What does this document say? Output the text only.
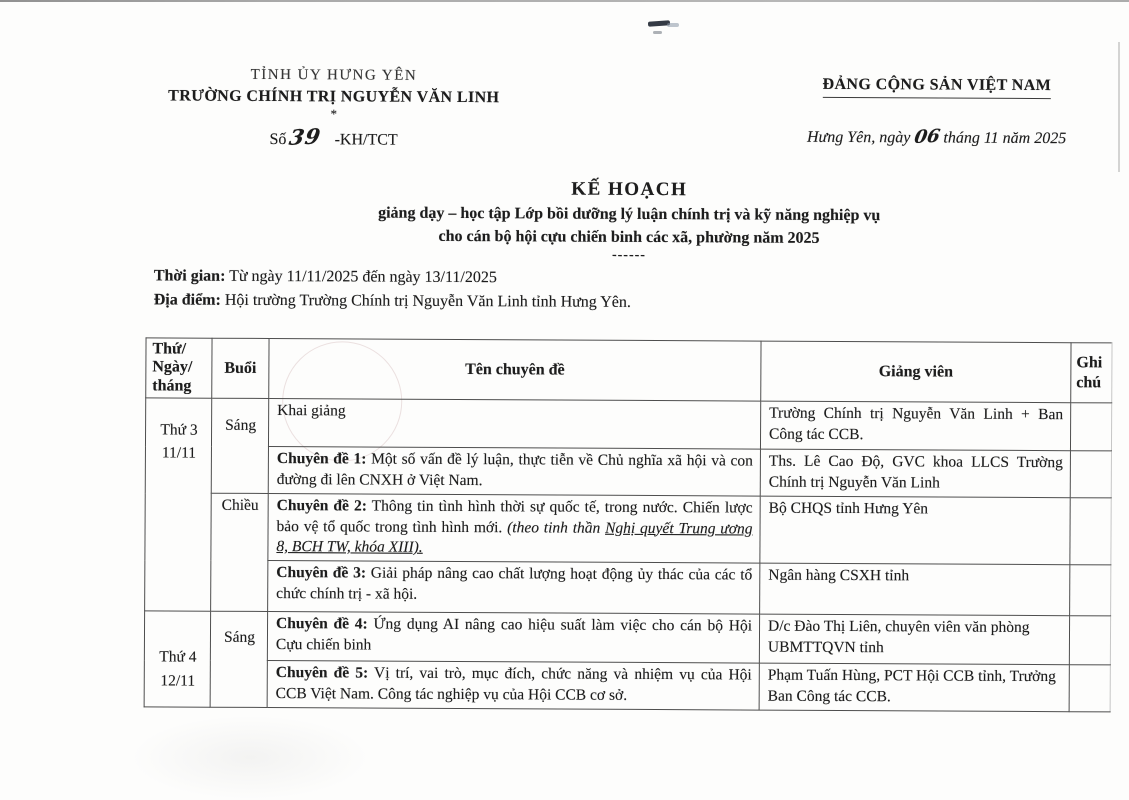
TỈNH ỦY HƯNG YÊN
TRƯỜNG CHÍNH TRỊ NGUYỄN VĂN LINH
*
Số39 -KH/TCT
ĐẢNG CỘNG SẢN VIỆT NAM
Hưng Yên, ngày 06 tháng 11 năm 2025
KẾ HOẠCH
giảng dạy – học tập Lớp bồi dưỡng lý luận chính trị và kỹ năng nghiệp vụ
cho cán bộ hội cựu chiến binh các xã, phường năm 2025
------
Thời gian: Từ ngày 11/11/2025 đến ngày 13/11/2025
Địa điểm: Hội trường Trường Chính trị Nguyễn Văn Linh tỉnh Hưng Yên.
Thứ/
Ngày/
tháng	Buổi	Tên chuyên đề	Giảng viên	Ghi chú

Thứ 3
11/11	Sáng	Khai giảng	Trường Chính trị Nguyễn Văn Linh + Ban Công tác CCB.	
		Chuyên đề 1: Một số vấn đề lý luận, thực tiễn về Chủ nghĩa xã hội và con đường đi lên CNXH ở Việt Nam.	Ths. Lê Cao Độ, GVC khoa LLCS Trường Chính trị Nguyễn Văn Linh	
	Chiều	Chuyên đề 2: Thông tin tình hình thời sự quốc tế, trong nước. Chiến lược bảo vệ tổ quốc trong tình hình mới. (theo tinh thần Nghị quyết Trung ương 8, BCH TW, khóa XIII).	Bộ CHQS tỉnh Hưng Yên	
		Chuyên đề 3: Giải pháp nâng cao chất lượng hoạt động ủy thác của các tổ chức chính trị - xã hội.	Ngân hàng CSXH tỉnh	

Thứ 4
12/11	Sáng	Chuyên đề 4: Ứng dụng AI nâng cao hiệu suất làm việc cho cán bộ Hội Cựu chiến binh	D/c Đào Thị Liên, chuyên viên văn phòng UBMTTQVN tỉnh	
		Chuyên đề 5: Vị trí, vai trò, mục đích, chức năng và nhiệm vụ của Hội CCB Việt Nam. Công tác nghiệp vụ của Hội CCB cơ sở.	Phạm Tuấn Hùng, PCT Hội CCB tỉnh, Trưởng Ban Công tác CCB.	
